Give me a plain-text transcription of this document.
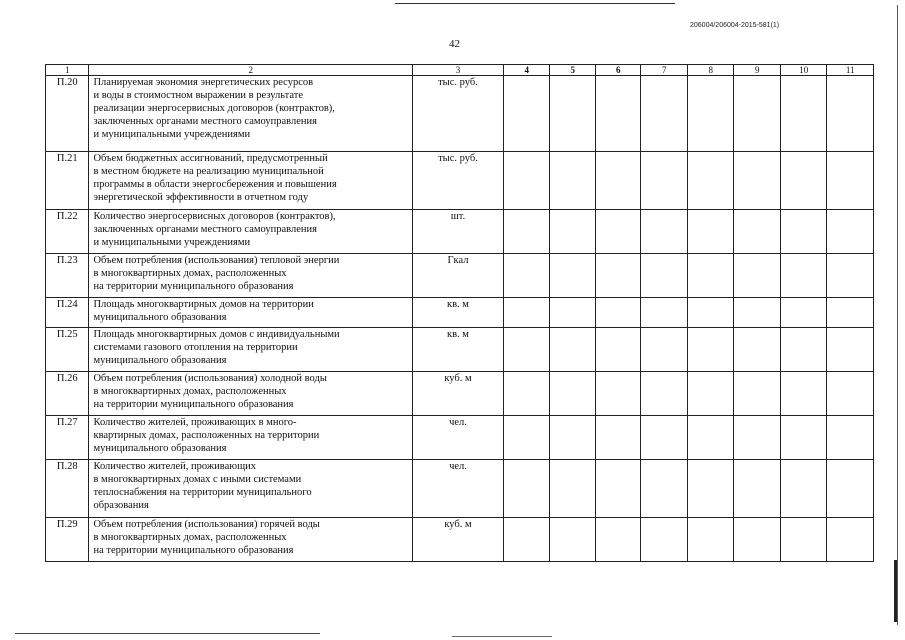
206004/206004-2015-581(1)
42
1	2	3	4	5	6	7	8	9	10	11
П.20	Планируемая экономия энергетических ресурсов
и воды в стоимостном выражении в результате
реализации энергосервисных договоров (контрактов),
заключенных органами местного самоуправления
и муниципальными учреждениями	тыс. руб.								
П.21	Объем бюджетных ассигнований, предусмотренный
в местном бюджете на реализацию муниципальной
программы в области энергосбережения и повышения
энергетической эффективности в отчетном году	тыс. руб.								
П.22	Количество энергосервисных договоров (контрактов),
заключенных органами местного самоуправления
и муниципальными учреждениями	шт.								
П.23	Объем потребления (использования) тепловой энергии
в многоквартирных домах, расположенных
на территории муниципального образования	Гкал								
П.24	Площадь многоквартирных домов на территории
муниципального образования	кв. м								
П.25	Площадь многоквартирных домов с индивидуальными
системами газового отопления на территории
муниципального образования	кв. м								
П.26	Объем потребления (использования) холодной воды
в многоквартирных домах, расположенных
на территории муниципального образования	куб. м								
П.27	Количество жителей, проживающих в много-
квартирных домах, расположенных на территории
муниципального образования	чел.								
П.28	Количество жителей, проживающих
в многоквартирных домах с иными системами
теплоснабжения на территории муниципального
образования	чел.								
П.29	Объем потребления (использования) горячей воды
в многоквартирных домах, расположенных
на территории муниципального образования	куб. м								
